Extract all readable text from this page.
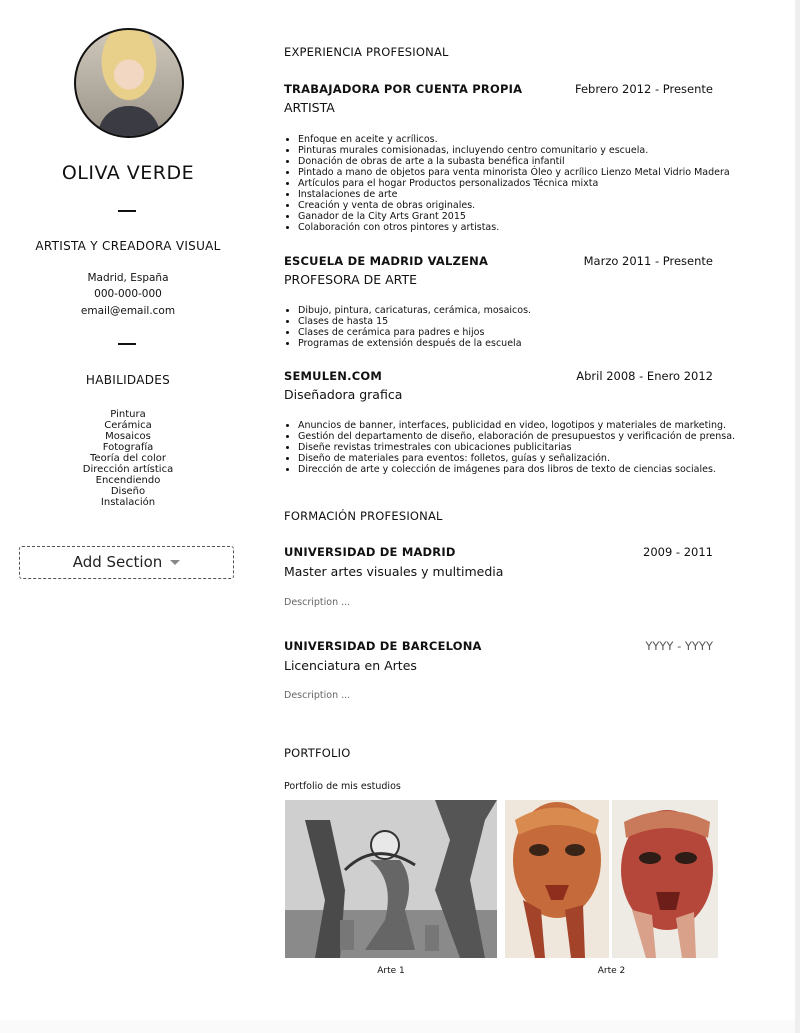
OLIVA VERDE
ARTISTA Y CREADORA VISUAL
Madrid, España
000-000-000
email@email.com
HABILIDADES
Pintura
Cerámica
Mosaicos
Fotografía
Teoría del color
Dirección artística
Encendiendo
Diseño
Instalación
Add Section
EXPERIENCIA PROFESIONAL
TRABAJADORA POR CUENTA PROPIA	Febrero 2012 - Presente
ARTISTA
• Enfoque en aceite y acrílicos.
• Pinturas murales comisionadas, incluyendo centro comunitario y escuela.
• Donación de obras de arte a la subasta benéfica infantil
• Pintado a mano de objetos para venta minorista Óleo y acrílico Lienzo Metal Vidrio Madera
• Artículos para el hogar Productos personalizados Técnica mixta
• Instalaciones de arte
• Creación y venta de obras originales.
• Ganador de la City Arts Grant 2015
• Colaboración con otros pintores y artistas.
ESCUELA DE MADRID VALZENA	Marzo 2011 - Presente
PROFESORA DE ARTE
• Dibujo, pintura, caricaturas, cerámica, mosaicos.
• Clases de hasta 15
• Clases de cerámica para padres e hijos
• Programas de extensión después de la escuela
SEMULEN.COM	Abril 2008 - Enero 2012
Diseñadora grafica
• Anuncios de banner, interfaces, publicidad en video, logotipos y materiales de marketing.
• Gestión del departamento de diseño, elaboración de presupuestos y verificación de prensa.
• Diseñe revistas trimestrales con ubicaciones publicitarias
• Diseño de materiales para eventos: folletos, guías y señalización.
• Dirección de arte y colección de imágenes para dos libros de texto de ciencias sociales.
FORMACIÓN PROFESIONAL
UNIVERSIDAD DE MADRID	2009 - 2011
Master artes visuales y multimedia
Description ...
UNIVERSIDAD DE BARCELONA	YYYY - YYYY
Licenciatura en Artes
Description ...
PORTFOLIO
Portfolio de mis estudios
Arte 1	Arte 2
